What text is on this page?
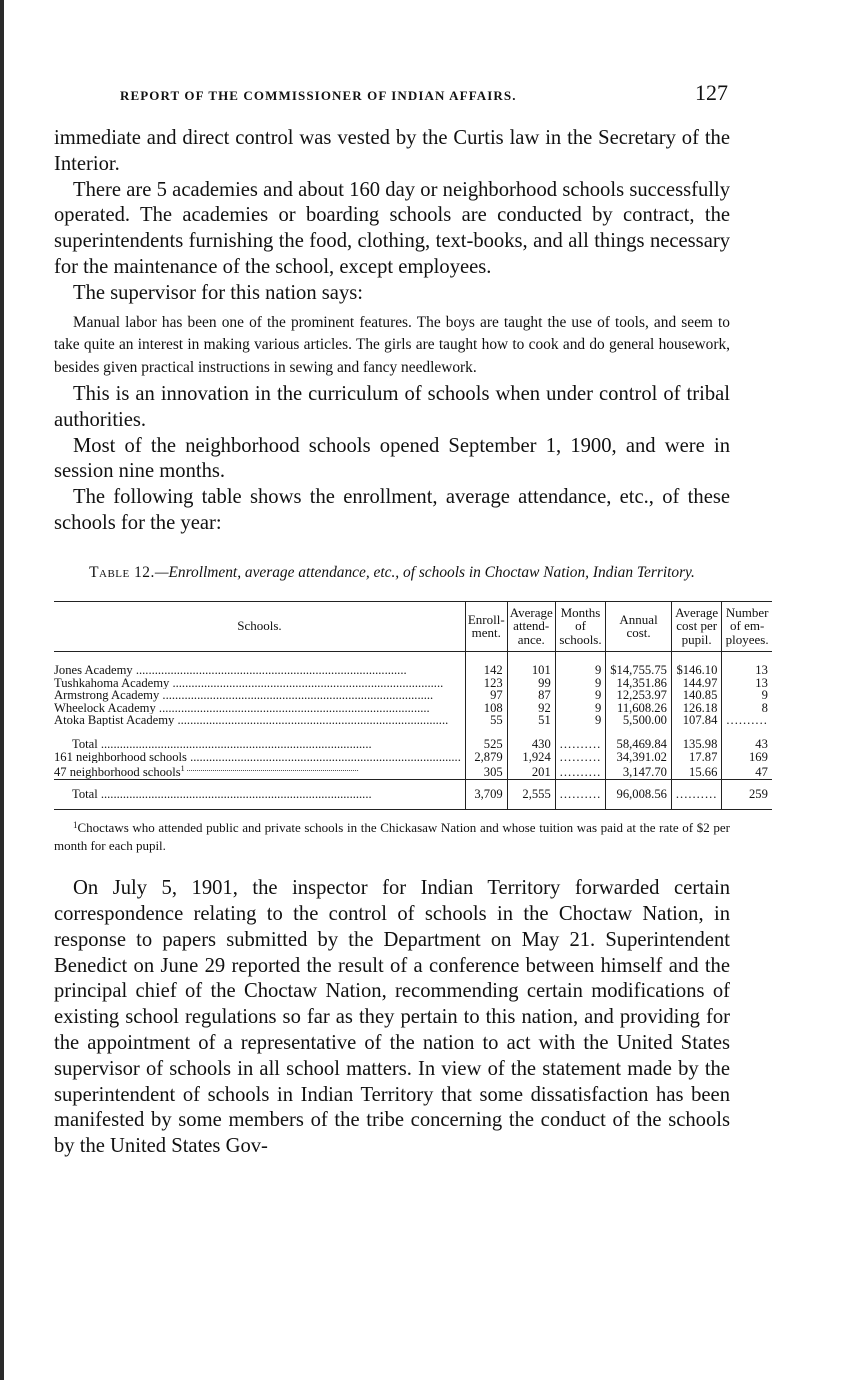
REPORT OF THE COMMISSIONER OF INDIAN AFFAIRS.	127

immediate and direct control was vested by the Curtis law in the Secretary of the Interior.

There are 5 academies and about 160 day or neighborhood schools successfully operated. The academies or boarding schools are conducted by contract, the superintendents furnishing the food, clothing, text-books, and all things necessary for the maintenance of the school, except employees.

The supervisor for this nation says:

Manual labor has been one of the prominent features. The boys are taught the use of tools, and seem to take quite an interest in making various articles. The girls are taught how to cook and do general housework, besides given practical instructions in sewing and fancy needlework.

This is an innovation in the curriculum of schools when under control of tribal authorities.

Most of the neighborhood schools opened September 1, 1900, and were in session nine months.

The following table shows the enrollment, average attendance, etc., of these schools for the year:

Table 12.—Enrollment, average attendance, etc., of schools in Choctaw Nation, Indian Territory.
Schools.	Enroll-ment.	Average attend-ance.	Months of schools.	Annual cost.	Average cost per pupil.	Number of em-ployees.
Jones Academy .....	142	101	9	$14,755.75	$146.10	13
Tushkahoma Academy .....	123	99	9	14,351.86	144.97	13
Armstrong Academy .....	97	87	9	12,253.97	140.85	9
Wheelock Academy .....	108	92	9	11,608.26	126.18	8
Atoka Baptist Academy .....	55	51	9	5,500.00	107.84	..........
Total .....	525	430	..........	58,469.84	135.98	43
161 neighborhood schools .....	2,879	1,924	..........	34,391.02	17.87	169
47 neighborhood schools$^1$ .....	305	201	..........	3,147.70	15.66	47
Total .....	3,709	2,555	..........	96,008.56	..........	259

$^1$Choctaws who attended public and private schools in the Chickasaw Nation and whose tuition was paid at the rate of $2 per month for each pupil.

On July 5, 1901, the inspector for Indian Territory forwarded certain correspondence relating to the control of schools in the Choctaw Nation, in response to papers submitted by the Department on May 21. Superintendent Benedict on June 29 reported the result of a conference between himself and the principal chief of the Choctaw Nation, recommending certain modifications of existing school regulations so far as they pertain to this nation, and providing for the appointment of a representative of the nation to act with the United States supervisor of schools in all school matters. In view of the statement made by the superintendent of schools in Indian Territory that some dissatisfaction has been manifested by some members of the tribe concerning the conduct of the schools by the United States Gov-
